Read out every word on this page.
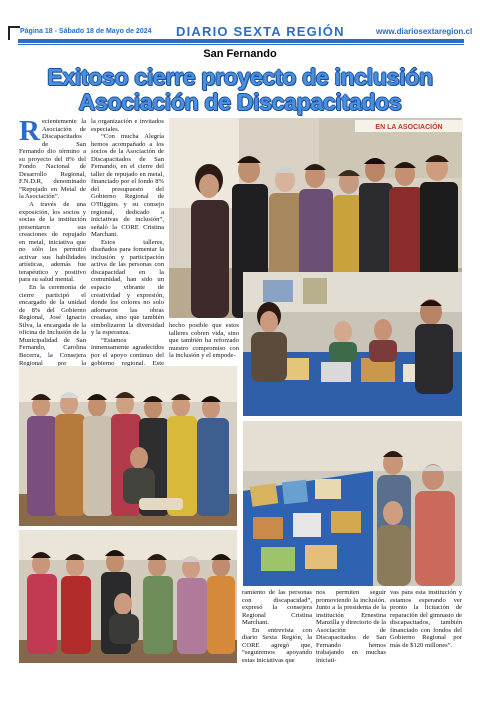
Página 18 - Sábado 18 de Mayo de 2024 DIARIO SEXTA REGIÓN	www.diariosextaregion.cl
San Fernando
Exitoso cierre proyecto de inclusión
Asociación de Discapacitados

Recientemente la Asociación de Discapacitados de San Fernando dio término a su proyecto del 8% del Fondo Nacional de Desarrollo Regional, F.N.D.R, denominado “Repujado en Metal de la Asociación”.

A través de una exposición, los socios y socias de la institución presentaron sus creaciones de repujado en metal, iniciativa que no sólo les permitió activar sus habilidades artísticas, además fue terapéutico y positivo para su salud mental.

En la ceremonia de cierre participó el encargado de la unidad de 8% del Gobierno Regional, José Ignacio Silva, la encargada de la oficina de Inclusión de la Municipalidad de San Fernando, Carolina Becerra, la Consejera Regional por la

la organización e invitados especiales.

“Con mucha Alegría hemos acompañado a los socios de la Asociación de Discapacitados de San Fernando, en el cierre del taller de repujado en metal, financiado por el fondo 8% del presupuesto del Gobierno Regional de O'Higgins y su consejo regional, dedicado a iniciativas de inclusión”, señaló la CORE Cristina Marchant.

Estos talleres, diseñados para fomentar la inclusión y participación activa de las personas con discapacidad en la comunidad, han sido un espacio vibrante de creatividad y expresión, donde los colores no solo adornaron las obras creadas, sino que también simbolizaron la diversidad y la esperanza.

“Estamos inmensamente agradecidos por el apoyo continuo del gobierno regional. Este

hecho posible que estos talleres cobren vida, sino que también ha reforzado nuestro compromiso con la inclusión y el empode-

ramiento de las personas con discapacidad”, expresó la consejera Regional Cristina Marchant.

En entrevista con diario Sexta Región, la CORE agregó que, “seguiremos apoyando estas iniciativas que

nos permiten seguir promoviendo la inclusión. Junto a la presidenta de la institución Ernestina Manzilla y directorio de la Asociación de Discapacitados de San Fernando hemos trabajando en muchas iniciati-

vas para esta institución y estamos esperando ver pronto la licitación de reparación del gimnasio de discapacitados, también financiado con fondos del Gobierno Regional por más de $120 millones”.

EN LA ASOCIACIÓN
